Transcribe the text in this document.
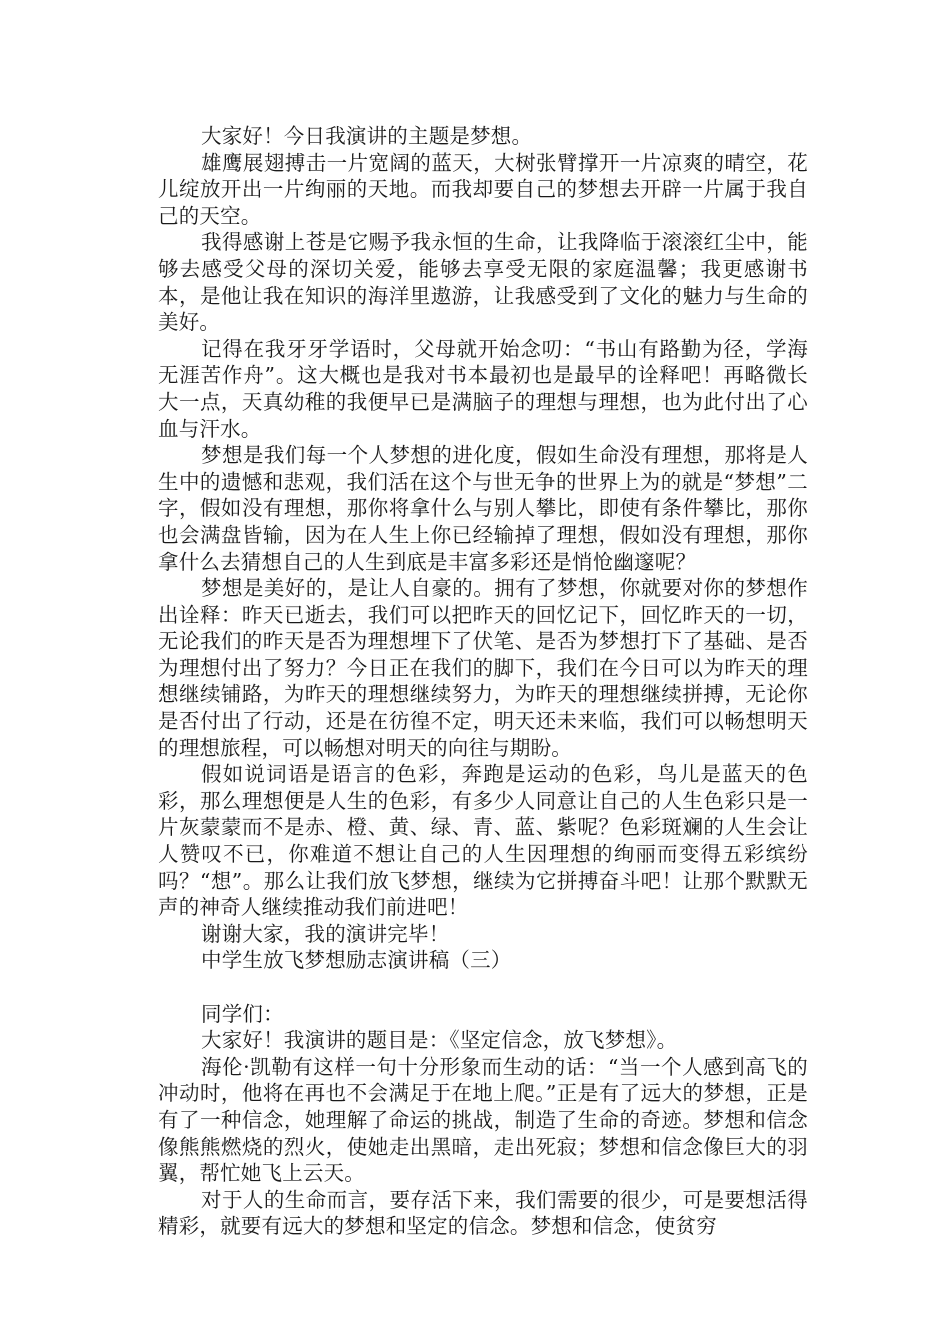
大家好！今日我演讲的主题是梦想。

雄鹰展翅搏击一片宽阔的蓝天，大树张臂撑开一片凉爽的晴空，花儿绽放开出一片绚丽的天地。而我却要自己的梦想去开辟一片属于我自己的天空。

我得感谢上苍是它赐予我永恒的生命，让我降临于滚滚红尘中，能够去感受父母的深切关爱，能够去享受无限的家庭温馨；我更感谢书本，是他让我在知识的海洋里遨游，让我感受到了文化的魅力与生命的美好。

记得在我牙牙学语时，父母就开始念叨：“书山有路勤为径，学海无涯苦作舟”。这大概也是我对书本最初也是最早的诠释吧！再略微长大一点，天真幼稚的我便早已是满脑子的理想与理想，也为此付出了心血与汗水。

梦想是我们每一个人梦想的进化度，假如生命没有理想，那将是人生中的遗憾和悲观，我们活在这个与世无争的世界上为的就是“梦想”二字，假如没有理想，那你将拿什么与别人攀比，即使有条件攀比，那你也会满盘皆输，因为在人生上你已经输掉了理想，假如没有理想，那你拿什么去猜想自己的人生到底是丰富多彩还是悄怆幽邃呢？

梦想是美好的，是让人自豪的。拥有了梦想，你就要对你的梦想作出诠释：昨天已逝去，我们可以把昨天的回忆记下，回忆昨天的一切，无论我们的昨天是否为理想埋下了伏笔、是否为梦想打下了基础、是否为理想付出了努力？今日正在我们的脚下，我们在今日可以为昨天的理想继续铺路，为昨天的理想继续努力，为昨天的理想继续拼搏，无论你是否付出了行动，还是在彷徨不定，明天还未来临，我们可以畅想明天的理想旅程，可以畅想对明天的向往与期盼。

假如说词语是语言的色彩，奔跑是运动的色彩，鸟儿是蓝天的色彩，那么理想便是人生的色彩，有多少人同意让自己的人生色彩只是一片灰蒙蒙而不是赤、橙、黄、绿、青、蓝、紫呢？色彩斑斓的人生会让人赞叹不已，你难道不想让自己的人生因理想的绚丽而变得五彩缤纷吗？“想”。那么让我们放飞梦想，继续为它拼搏奋斗吧！让那个默默无声的神奇人继续推动我们前进吧！

谢谢大家，我的演讲完毕！

中学生放飞梦想励志演讲稿（三）

同学们：

大家好！我演讲的题目是：《坚定信念，放飞梦想》。

海伦·凯勒有这样一句十分形象而生动的话：“当一个人感到高飞的冲动时，他将在再也不会满足于在地上爬。”正是有了远大的梦想，正是有了一种信念，她理解了命运的挑战，制造了生命的奇迹。梦想和信念像熊熊燃烧的烈火，使她走出黑暗，走出死寂；梦想和信念像巨大的羽翼，帮忙她飞上云天。

对于人的生命而言，要存活下来，我们需要的很少，可是要想活得精彩，就要有远大的梦想和坚定的信念。梦想和信念，使贫穷
